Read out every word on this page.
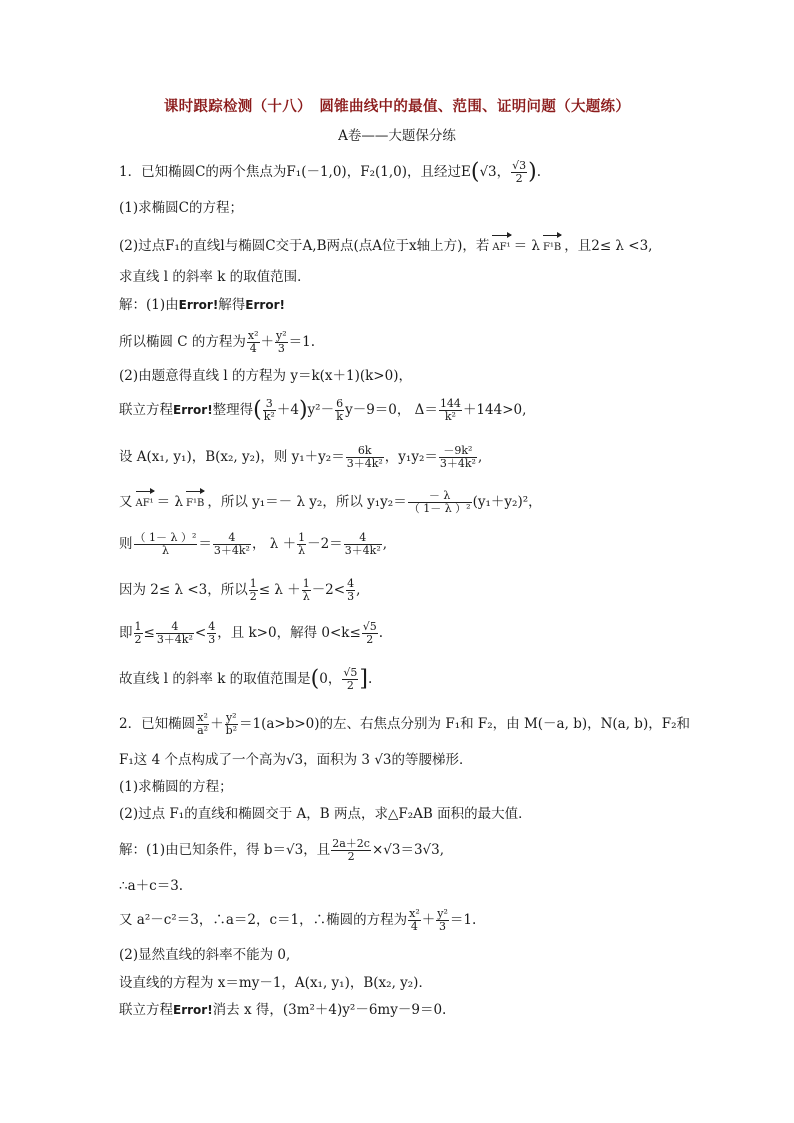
课时跟踪检测（十八）　圆锥曲线中的最值、范围、证明问题（大题练）
A卷——大题保分练
1．已知椭圆C的两个焦点为F₁(－1,0)，F₂(1,0)，且经过E(√3， $\frac{√3}{2}$ ).
(1)求椭圆C的方程；
(2)过点F₁的直线l与椭圆C交于A,B两点(点A位于x轴上方)，若 AF¹ ＝ λ F¹B ，且2≤ λ <3,
求直线 l 的斜率 k 的取值范围．
解：(1)由Error!解得Error!
所以椭圆 C 的方程为 $\frac{\text{x²}}{4} + \frac{\text{y²}}{3} =1$.
(2)由题意得直线 l 的方程为 y＝k(x＋1)(k>0)，
联立方程Error!整理得( $\frac{3}{\text{k²}} +4)y^2- \frac{6}{k} y-9=0$， $\Delta= \frac{144}{\text{k²}} +144>0$,
设 A(x₁, y₁)，B(x₂, y₂)，则 $y_1+y_2= \frac{6k}{\text{3＋4k²}}$ ，$y_1y_2= \frac{\text{－9k²}}{\text{3＋4k²}}$ ,
又 AF¹ ＝ λ F¹B ，所以 y₁＝－ λ y₂，所以 $y_1y_2= \frac{- \lambda}{\text{（ 1－ λ ）²}} (y_1+y_2)^2$，
则 $\frac{\text{（ 1－ λ ）²}}{\lambda} = \frac{4}{\text{3＋4k²}}$ ， $\lambda + \frac{1}{\lambda} -2= \frac{4}{\text{3＋4k²}}$ ,
因为 2≤ λ <3，所以 $\frac{1}{2} \le \lambda + \frac{1}{\lambda} -2< \frac{4}{3}$ ,
即 $\frac{1}{2} \le \frac{4}{\text{3＋4k²}} < \frac{4}{3}$ ，且 k>0，解得 $0<k\le \frac{√5}{2}$ .
故直线 l 的斜率 k 的取值范围是(0， $\frac{√5}{2}$ ].
2．已知椭圆 $\frac{\text{x²}}{\text{a²}} + \frac{\text{y²}}{\text{b²}} =1(a>b>0)$的左、右焦点分别为 F₁和 F₂，由 M(－a, b)，N(a, b)，F₂和
F₁这 4 个点构成了一个高为√3，面积为 3 √3的等腰梯形．
(1)求椭圆的方程；
(2)过点 F₁的直线和椭圆交于 A，B 两点，求△F₂AB 面积的最大值．
解：(1)由已知条件，得 b＝√3，且 $\frac{2a+2c}{2} \times√3=3√3$,
∴a＋c＝3.
又 a²－c²＝3，∴a＝2，c＝1，∴椭圆的方程为 $\frac{\text{x²}}{4} + \frac{\text{y²}}{3} =1$.
(2)显然直线的斜率不能为 0,
设直线的方程为 x＝my－1，A(x₁, y₁)，B(x₂, y₂)．
联立方程Error!消去 x 得，(3m²＋4)y²－6my－9＝0.
